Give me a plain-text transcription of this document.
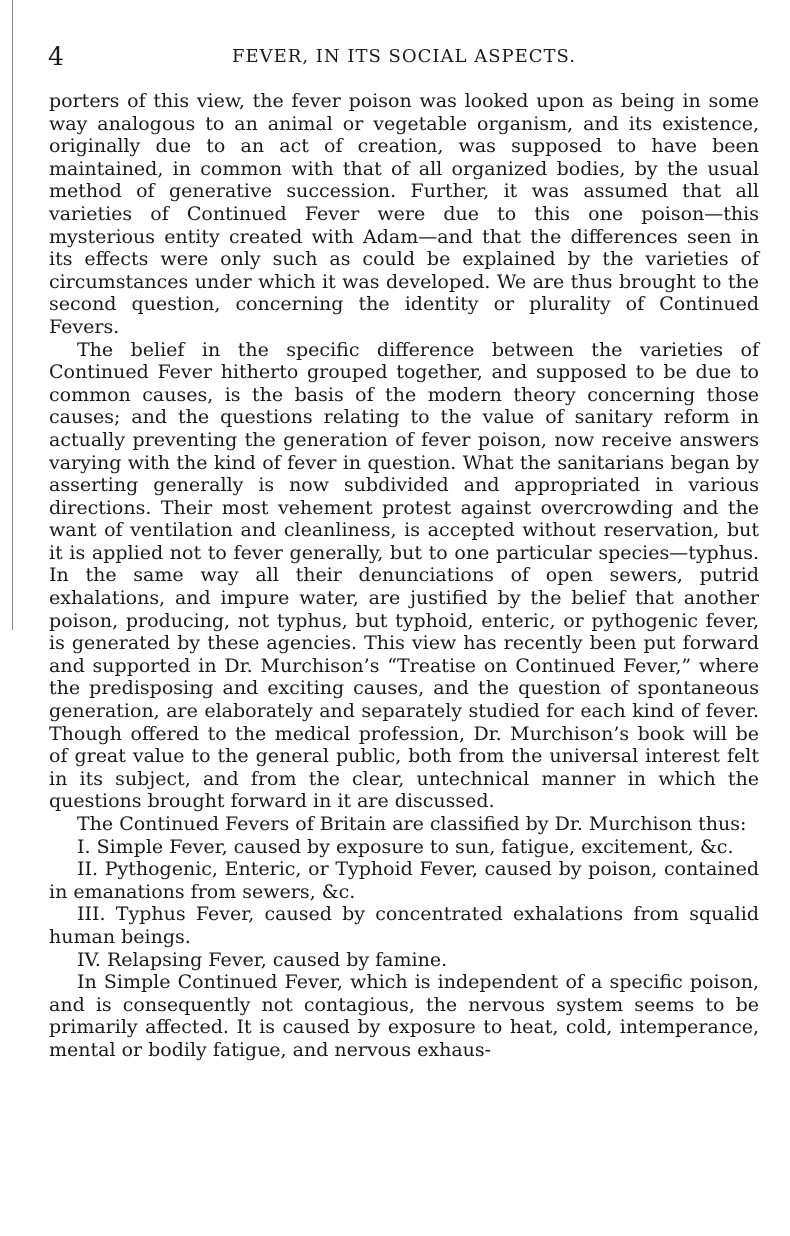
4	FEVER, IN ITS SOCIAL ASPECTS.

porters of this view, the fever poison was looked upon as being in some way analogous to an animal or vegetable organism, and its existence, originally due to an act of creation, was supposed to have been maintained, in common with that of all organized bodies, by the usual method of generative succession. Further, it was assumed that all varieties of Continued Fever were due to this one poison—this mysterious entity created with Adam—and that the differences seen in its effects were only such as could be explained by the varieties of circumstances under which it was developed. We are thus brought to the second question, concerning the identity or plurality of Continued Fevers.

The belief in the specific difference between the varieties of Continued Fever hitherto grouped together, and supposed to be due to common causes, is the basis of the modern theory concerning those causes; and the questions relating to the value of sanitary reform in actually preventing the generation of fever poison, now receive answers varying with the kind of fever in question. What the sanitarians began by asserting generally is now subdivided and appropriated in various directions. Their most vehement protest against overcrowding and the want of ventilation and cleanliness, is accepted without reservation, but it is applied not to fever generally, but to one particular species—typhus. In the same way all their denunciations of open sewers, putrid exhalations, and impure water, are justified by the belief that another poison, producing, not typhus, but typhoid, enteric, or pythogenic fever, is generated by these agencies. This view has recently been put forward and supported in Dr. Murchison’s “Treatise on Continued Fever,” where the predisposing and exciting causes, and the question of spontaneous generation, are elaborately and separately studied for each kind of fever. Though offered to the medical profession, Dr. Murchison’s book will be of great value to the general public, both from the universal interest felt in its subject, and from the clear, untechnical manner in which the questions brought forward in it are discussed.

The Continued Fevers of Britain are classified by Dr. Murchison thus:

I. Simple Fever, caused by exposure to sun, fatigue, excitement, &c.

II. Pythogenic, Enteric, or Typhoid Fever, caused by poison, contained in emanations from sewers, &c.

III. Typhus Fever, caused by concentrated exhalations from squalid human beings.

IV. Relapsing Fever, caused by famine.

In Simple Continued Fever, which is independent of a specific poison, and is consequently not contagious, the nervous system seems to be primarily affected. It is caused by exposure to heat, cold, intemperance, mental or bodily fatigue, and nervous exhaus-
